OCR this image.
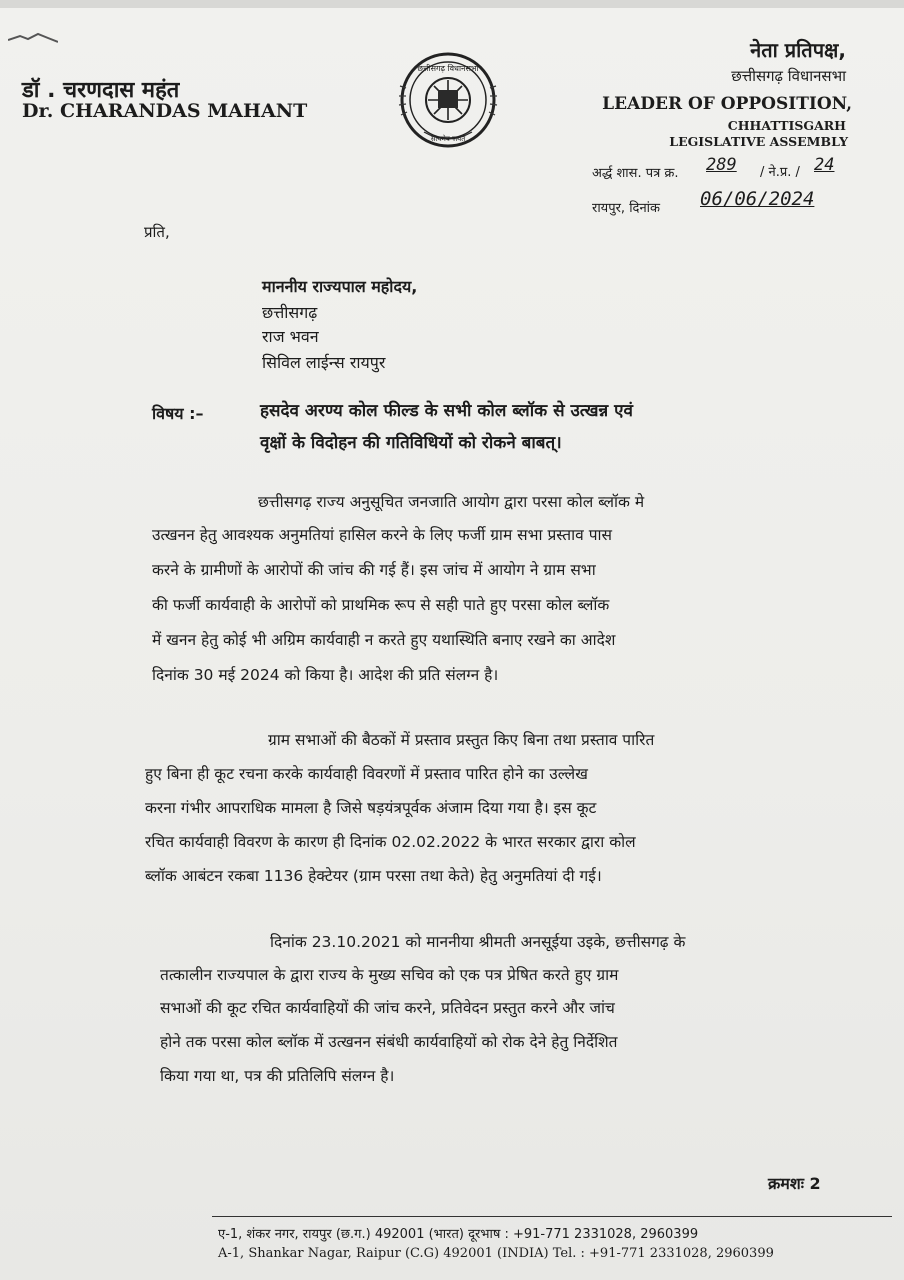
डॉ . चरणदास महंत
Dr. CHARANDAS MAHANT
छत्तीसगढ़ विधानसभा
सत्यमेव जयते
नेता प्रतिपक्ष,
छत्तीसगढ़ विधानसभा
LEADER OF OPPOSITION,
CHHATTISGARH
LEGISLATIVE ASSEMBLY
अर्द्ध शास. पत्र क्र. 289 / ने.प्र. / 24
रायपुर, दिनांक 06/06/2024
प्रति,
माननीय राज्यपाल महोदय,
छत्तीसगढ़
राज भवन
सिविल लाईन्स रायपुर
विषय :–	हसदेव अरण्य कोल फील्ड के सभी कोल ब्लॉक से उत्खन्न एवं
वृक्षों के विदोहन की गतिविधियों को रोकने बाबत्।
छत्तीसगढ़ राज्य अनुसूचित जनजाति आयोग द्वारा परसा कोल ब्लॉक मे
उत्खनन हेतु आवश्यक अनुमतियां हासिल करने के लिए फर्जी ग्राम सभा प्रस्ताव पास
करने के ग्रामीणों के आरोपों की जांच की गई हैं। इस जांच में आयोग ने ग्राम सभा
की फर्जी कार्यवाही के आरोपों को प्राथमिक रूप से सही पाते हुए परसा कोल ब्लॉक
में खनन हेतु कोई भी अग्रिम कार्यवाही न करते हुए यथास्थिति बनाए रखने का आदेश
दिनांक 30 मई 2024 को किया है। आदेश की प्रति संलग्न है।
ग्राम सभाओं की बैठकों में प्रस्ताव प्रस्तुत किए बिना तथा प्रस्ताव पारित
हुए बिना ही कूट रचना करके कार्यवाही विवरणों में प्रस्ताव पारित होने का उल्लेख
करना गंभीर आपराधिक मामला है जिसे षड़यंत्रपूर्वक अंजाम दिया गया है। इस कूट
रचित कार्यवाही विवरण के कारण ही दिनांक 02.02.2022 के भारत सरकार द्वारा कोल
ब्लॉक आबंटन रकबा 1136 हेक्टेयर (ग्राम परसा तथा केते) हेतु अनुमतियां दी गई।
दिनांक 23.10.2021 को माननीया श्रीमती अनसूईया उइके, छत्तीसगढ़ के
तत्कालीन राज्यपाल के द्वारा राज्य के मुख्य सचिव को एक पत्र प्रेषित करते हुए ग्राम
सभाओं की कूट रचित कार्यवाहियों की जांच करने, प्रतिवेदन प्रस्तुत करने और जांच
होने तक परसा कोल ब्लॉक में उत्खनन संबंधी कार्यवाहियों को रोक देने हेतु निर्देशित
किया गया था, पत्र की प्रतिलिपि संलग्न है।
क्रमशः 2
ए-1, शंकर नगर, रायपुर (छ.ग.) 492001 (भारत) दूरभाष : +91-771 2331028, 2960399
A-1, Shankar Nagar, Raipur (C.G) 492001 (INDIA) Tel. : +91-771 2331028, 2960399
